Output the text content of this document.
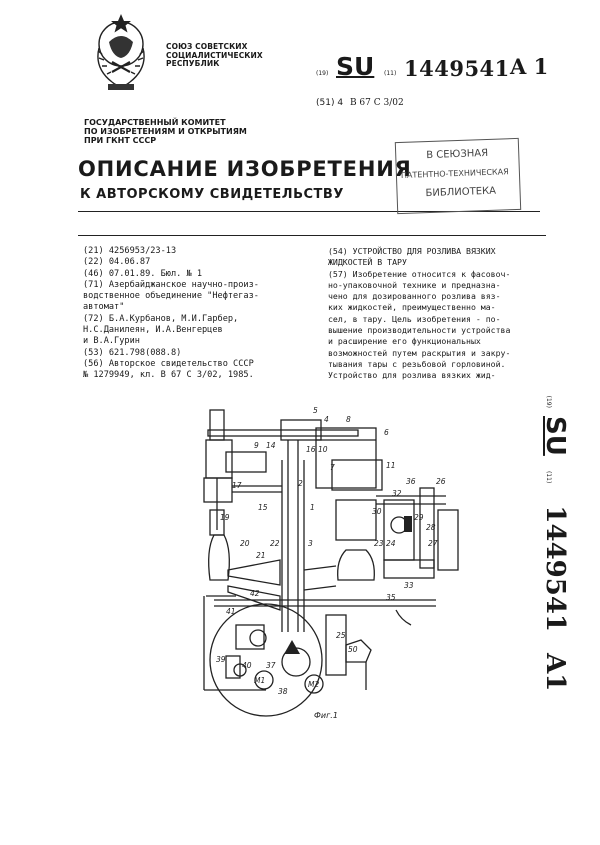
СОЮЗ СОВЕТСКИХ
СОЦИАЛИСТИЧЕСКИХ
РЕСПУБЛИК
(19) SU (11) 1449541 A 1
(51) 4 В 67 С 3/02
ГОСУДАРСТВЕННЫЙ КОМИТЕТ
ПО ИЗОБРЕТЕНИЯМ И ОТКРЫТИЯМ
ПРИ ГКНТ СССР
ОПИСАНИЕ ИЗОБРЕТЕНИЯ
К АВТОРСКОМУ СВИДЕТЕЛЬСТВУ
В СЕЮЗНАЯ
ПАТЕНТНО-ТЕХНИЧЕСКАЯ
БИБЛИОТЕКА
(21) 4256953/23-13
(22) 04.06.87
(46) 07.01.89. Бюл. № 1
(71) Азербайджанское научно-произ-
водственное объединение "Нефтегаз-
автомат"
(72) Б.А.Курбанов, М.И.Гарбер,
Н.С.Данилеян, И.А.Венгерцев
и В.А.Гурин
(53) 621.798(088.8)
(56) Авторское свидетельство СССР
№ 1279949, кл. В 67 С 3/02, 1985.
(54) УСТРОЙСТВО ДЛЯ РОЗЛИВА ВЯЗКИХ
ЖИДКОСТЕЙ В ТАРУ
(57) Изобретение относится к фасовоч-
но-упаковочной технике и предназна-
чено для дозированного розлива вяз-
ких жидкостей, преимущественно ма-
сел, в тару. Цель изобретения - по-
вышение производительности устройства
и расширение его функциональных
возможностей путем раскрытия и закру-
тывания тары с резьбовой горловиной.
Устройство для розлива вязких жид-
(19) SU (11) 1449541 A1
5
4 8
6
11
9 14	16 10
7
2
17
15	1
3
20
21
22
19
36	26
30
32
28
29
23 24	27
33
35
41
42
39
40
M1	M2
38
37
25
50
Фиг.1
